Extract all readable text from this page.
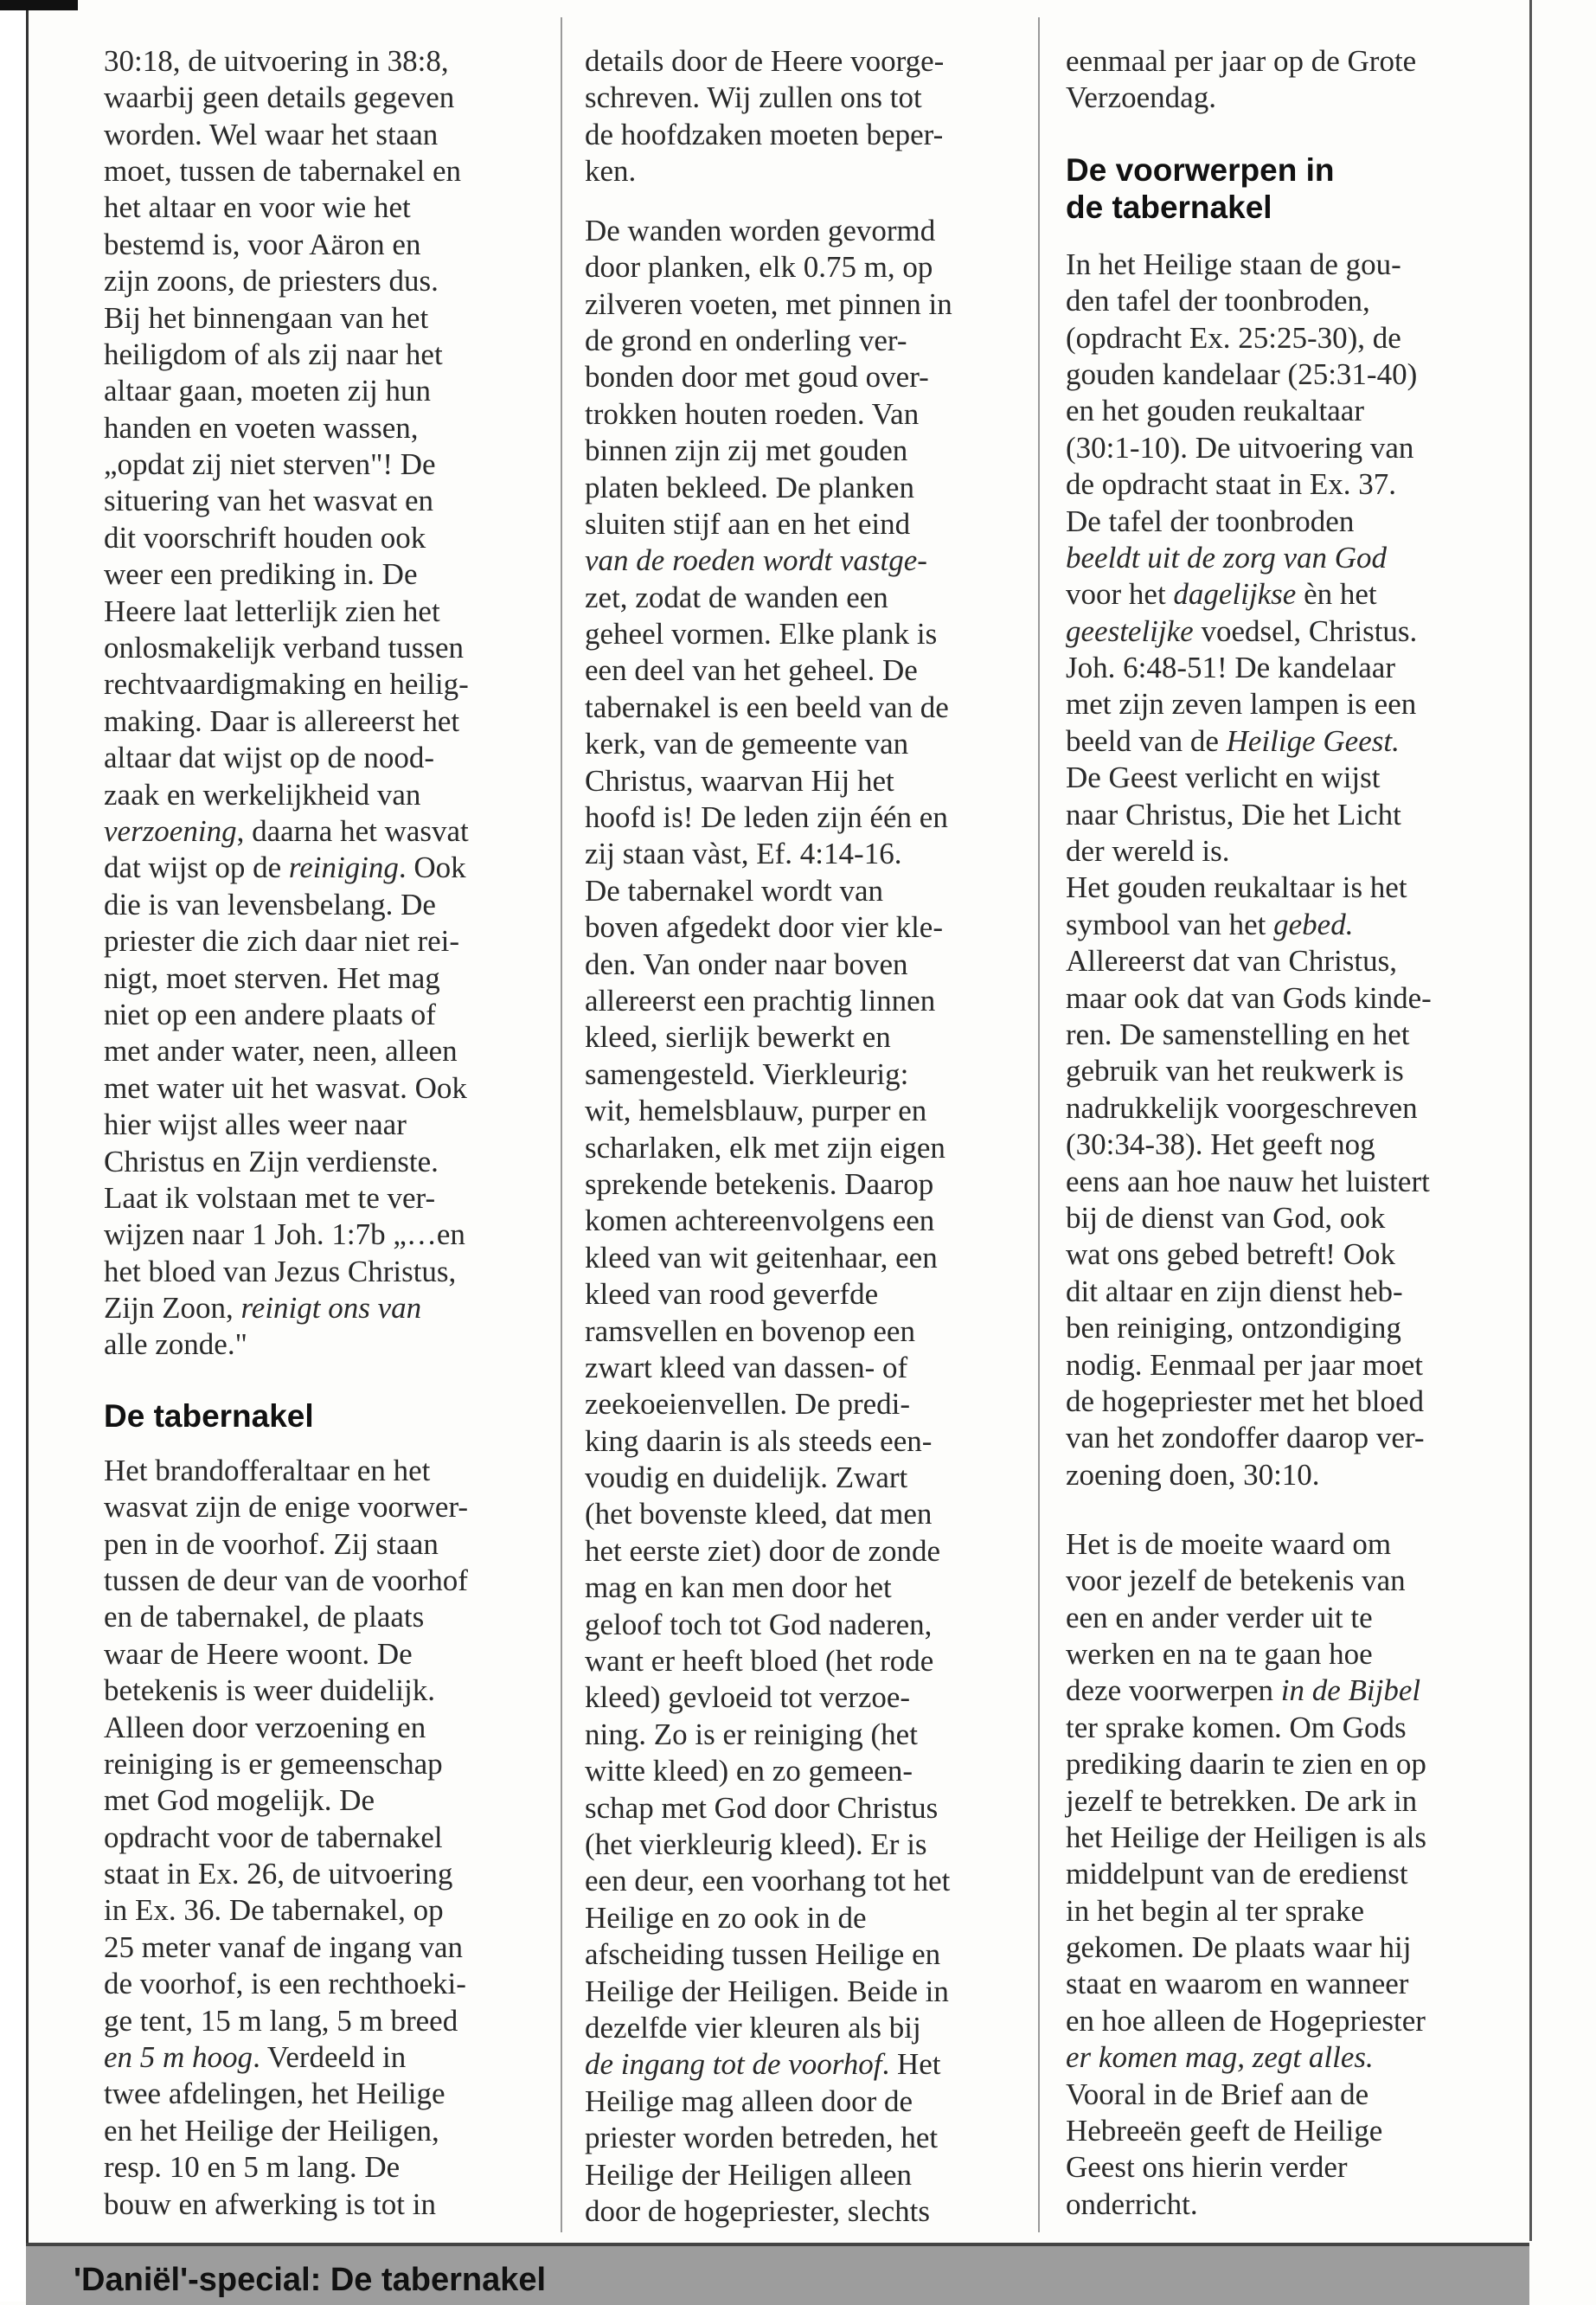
30:18, de uitvoering in 38:8,
waarbij geen details gegeven
worden. Wel waar het staan
moet, tussen de tabernakel en
het altaar en voor wie het
bestemd is, voor Aäron en
zijn zoons, de priesters dus.
Bij het binnengaan van het
heiligdom of als zij naar het
altaar gaan, moeten zij hun
handen en voeten wassen,
„opdat zij niet sterven"! De
situering van het wasvat en
dit voorschrift houden ook
weer een prediking in. De
Heere laat letterlijk zien het
onlosmakelijk verband tussen
rechtvaardigmaking en heilig-
making. Daar is allereerst het
altaar dat wijst op de nood-
zaak en werkelijkheid van
verzoening, daarna het wasvat
dat wijst op de reiniging. Ook
die is van levensbelang. De
priester die zich daar niet rei-
nigt, moet sterven. Het mag
niet op een andere plaats of
met ander water, neen, alleen
met water uit het wasvat. Ook
hier wijst alles weer naar
Christus en Zijn verdienste.
Laat ik volstaan met te ver-
wijzen naar 1 Joh. 1:7b „…en
het bloed van Jezus Christus,
Zijn Zoon, reinigt ons van
alle zonde."
De tabernakel
Het brandofferaltaar en het
wasvat zijn de enige voorwer-
pen in de voorhof. Zij staan
tussen de deur van de voorhof
en de tabernakel, de plaats
waar de Heere woont. De
betekenis is weer duidelijk.
Alleen door verzoening en
reiniging is er gemeenschap
met God mogelijk. De
opdracht voor de tabernakel
staat in Ex. 26, de uitvoering
in Ex. 36. De tabernakel, op
25 meter vanaf de ingang van
de voorhof, is een rechthoeki-
ge tent, 15 m lang, 5 m breed
en 5 m hoog. Verdeeld in
twee afdelingen, het Heilige
en het Heilige der Heiligen,
resp. 10 en 5 m lang. De
bouw en afwerking is tot in
details door de Heere voorge-
schreven. Wij zullen ons tot
de hoofdzaken moeten beper-
ken.
De wanden worden gevormd
door planken, elk 0.75 m, op
zilveren voeten, met pinnen in
de grond en onderling ver-
bonden door met goud over-
trokken houten roeden. Van
binnen zijn zij met gouden
platen bekleed. De planken
sluiten stijf aan en het eind
van de roeden wordt vastge-
zet, zodat de wanden een
geheel vormen. Elke plank is
een deel van het geheel. De
tabernakel is een beeld van de
kerk, van de gemeente van
Christus, waarvan Hij het
hoofd is! De leden zijn één en
zij staan vàst, Ef. 4:14-16.
De tabernakel wordt van
boven afgedekt door vier kle-
den. Van onder naar boven
allereerst een prachtig linnen
kleed, sierlijk bewerkt en
samengesteld. Vierkleurig:
wit, hemelsblauw, purper en
scharlaken, elk met zijn eigen
sprekende betekenis. Daarop
komen achtereenvolgens een
kleed van wit geitenhaar, een
kleed van rood geverfde
ramsvellen en bovenop een
zwart kleed van dassen- of
zeekoeienvellen. De predi-
king daarin is als steeds een-
voudig en duidelijk. Zwart
(het bovenste kleed, dat men
het eerste ziet) door de zonde
mag en kan men door het
geloof toch tot God naderen,
want er heeft bloed (het rode
kleed) gevloeid tot verzoe-
ning. Zo is er reiniging (het
witte kleed) en zo gemeen-
schap met God door Christus
(het vierkleurig kleed). Er is
een deur, een voorhang tot het
Heilige en zo ook in de
afscheiding tussen Heilige en
Heilige der Heiligen. Beide in
dezelfde vier kleuren als bij
de ingang tot de voorhof. Het
Heilige mag alleen door de
priester worden betreden, het
Heilige der Heiligen alleen
door de hogepriester, slechts
eenmaal per jaar op de Grote
Verzoendag.
De voorwerpen in
de tabernakel
In het Heilige staan de gou-
den tafel der toonbroden,
(opdracht Ex. 25:25-30), de
gouden kandelaar (25:31-40)
en het gouden reukaltaar
(30:1-10). De uitvoering van
de opdracht staat in Ex. 37.
De tafel der toonbroden
beeldt uit de zorg van God
voor het dagelijkse èn het
geestelijke voedsel, Christus.
Joh. 6:48-51! De kandelaar
met zijn zeven lampen is een
beeld van de Heilige Geest.
De Geest verlicht en wijst
naar Christus, Die het Licht
der wereld is.
Het gouden reukaltaar is het
symbool van het gebed.
Allereerst dat van Christus,
maar ook dat van Gods kinde-
ren. De samenstelling en het
gebruik van het reukwerk is
nadrukkelijk voorgeschreven
(30:34-38). Het geeft nog
eens aan hoe nauw het luistert
bij de dienst van God, ook
wat ons gebed betreft! Ook
dit altaar en zijn dienst heb-
ben reiniging, ontzondiging
nodig. Eenmaal per jaar moet
de hogepriester met het bloed
van het zondoffer daarop ver-
zoening doen, 30:10.
Het is de moeite waard om
voor jezelf de betekenis van
een en ander verder uit te
werken en na te gaan hoe
deze voorwerpen in de Bijbel
ter sprake komen. Om Gods
prediking daarin te zien en op
jezelf te betrekken. De ark in
het Heilige der Heiligen is als
middelpunt van de eredienst
in het begin al ter sprake
gekomen. De plaats waar hij
staat en waarom en wanneer
en hoe alleen de Hogepriester
er komen mag, zegt alles.
Vooral in de Brief aan de
Hebreeën geeft de Heilige
Geest ons hierin verder
onderricht.
'Daniël'-special: De tabernakel
